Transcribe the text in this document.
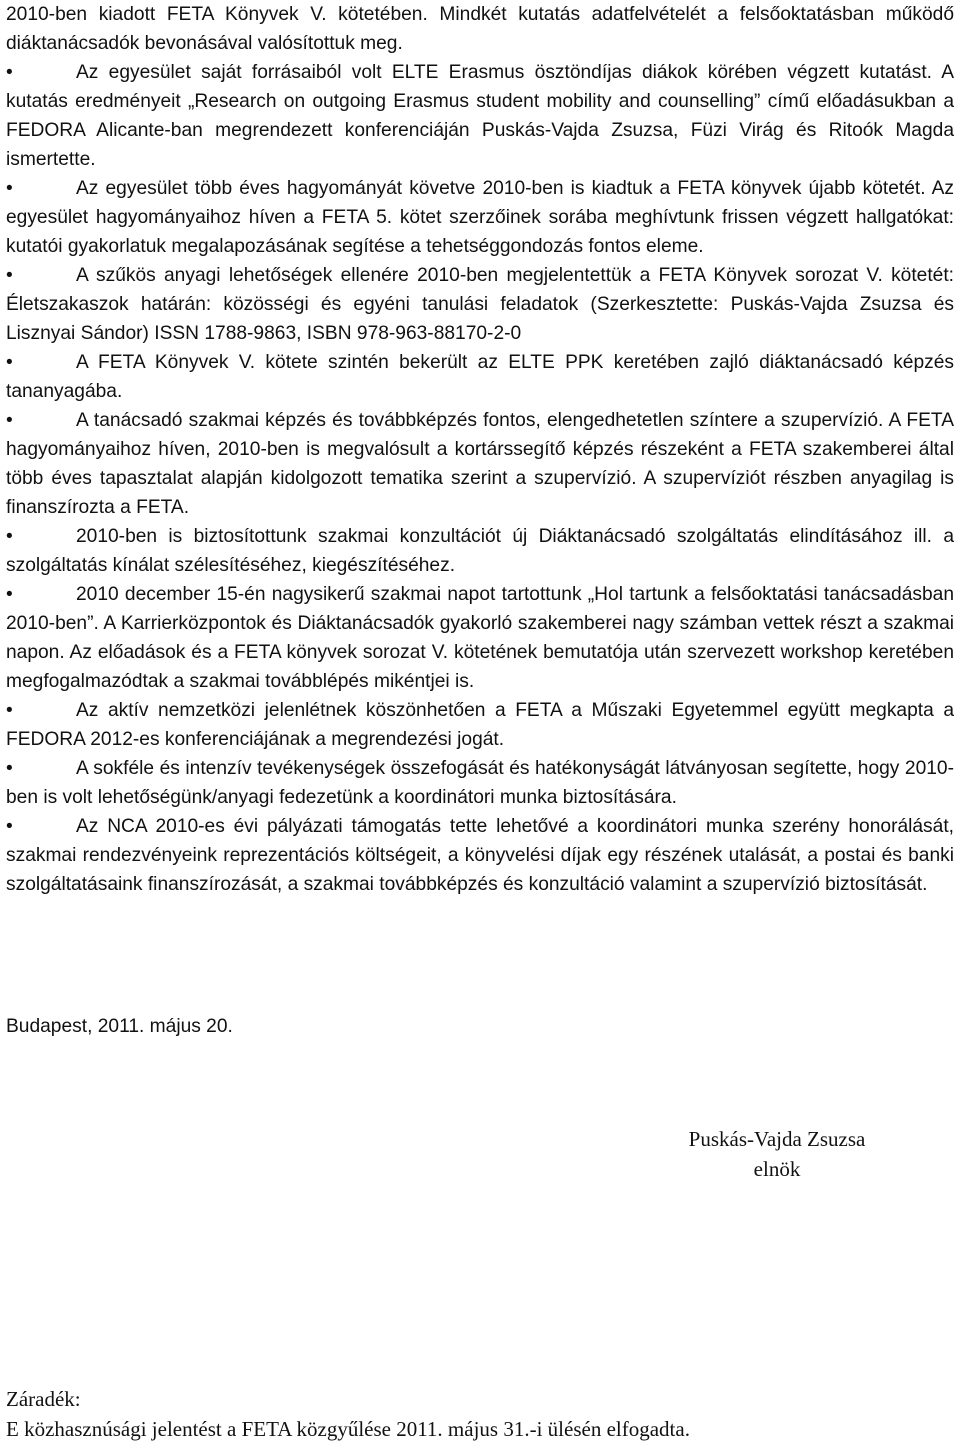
2010-ben kiadott FETA Könyvek V. kötetében. Mindkét kutatás adatfelvételét a felsőoktatásban működő diáktanácsadók bevonásával valósítottuk meg.

•	Az egyesület saját forrásaiból volt ELTE Erasmus ösztöndíjas diákok körében végzett kutatást. A kutatás eredményeit „Research on outgoing Erasmus student mobility and counselling” című előadásukban a FEDORA Alicante-ban megrendezett konferenciáján Puskás-Vajda Zsuzsa, Füzi Virág és Ritoók Magda ismertette.

•	Az egyesület több éves hagyományát követve 2010-ben is kiadtuk a FETA könyvek újabb kötetét. Az egyesület hagyományaihoz híven a FETA 5. kötet szerzőinek sorába meghívtunk frissen végzett hallgatókat: kutatói gyakorlatuk megalapozásának segítése a tehetséggondozás fontos eleme.

•	A szűkös anyagi lehetőségek ellenére 2010-ben megjelentettük a FETA Könyvek sorozat V. kötetét: Életszakaszok határán: közösségi és egyéni tanulási feladatok (Szerkesztette: Puskás-Vajda Zsuzsa és Lisznyai Sándor) ISSN 1788-9863, ISBN 978-963-88170-2-0

•	A FETA Könyvek V. kötete szintén bekerült az ELTE PPK keretében zajló diáktanácsadó képzés tananyagába.

•	A tanácsadó szakmai képzés és továbbképzés fontos, elengedhetetlen színtere a szupervízió. A FETA hagyományaihoz híven, 2010-ben is megvalósult a kortárssegítő képzés részeként a FETA szakemberei által több éves tapasztalat alapján kidolgozott tematika szerint a szupervízió. A szupervíziót részben anyagilag is finanszírozta a FETA.

•	2010-ben is biztosítottunk szakmai konzultációt új Diáktanácsadó szolgáltatás elindításához ill. a szolgáltatás kínálat szélesítéséhez, kiegészítéséhez.

•	2010 december 15-én nagysikerű szakmai napot tartottunk „Hol tartunk a felsőoktatási tanácsadásban 2010-ben”. A Karrierközpontok és Diáktanácsadók gyakorló szakemberei nagy számban vettek részt a szakmai napon. Az előadások és a FETA könyvek sorozat V. kötetének bemutatója után szervezett workshop keretében megfogalmazódtak a szakmai továbblépés mikéntjei is.

•	Az aktív nemzetközi jelenlétnek köszönhetően a FETA a Műszaki Egyetemmel együtt megkapta a FEDORA 2012-es konferenciájának a megrendezési jogát.

•	A sokféle és intenzív tevékenységek összefogását és hatékonyságát látványosan segítette, hogy 2010-ben is volt lehetőségünk/anyagi fedezetünk a koordinátori munka biztosítására.

•	Az NCA 2010-es évi pályázati támogatás tette lehetővé a koordinátori munka szerény honorálását, szakmai rendezvényeink reprezentációs költségeit, a könyvelési díjak egy részének utalását, a postai és banki szolgáltatásaink finanszírozását, a szakmai továbbképzés és konzultáció valamint a szupervízió biztosítását.

Budapest, 2011. május 20.
Puskás-Vajda Zsuzsa
elnök
Záradék:
E közhasznúsági jelentést a FETA közgyűlése 2011. május 31.-i ülésén elfogadta.
